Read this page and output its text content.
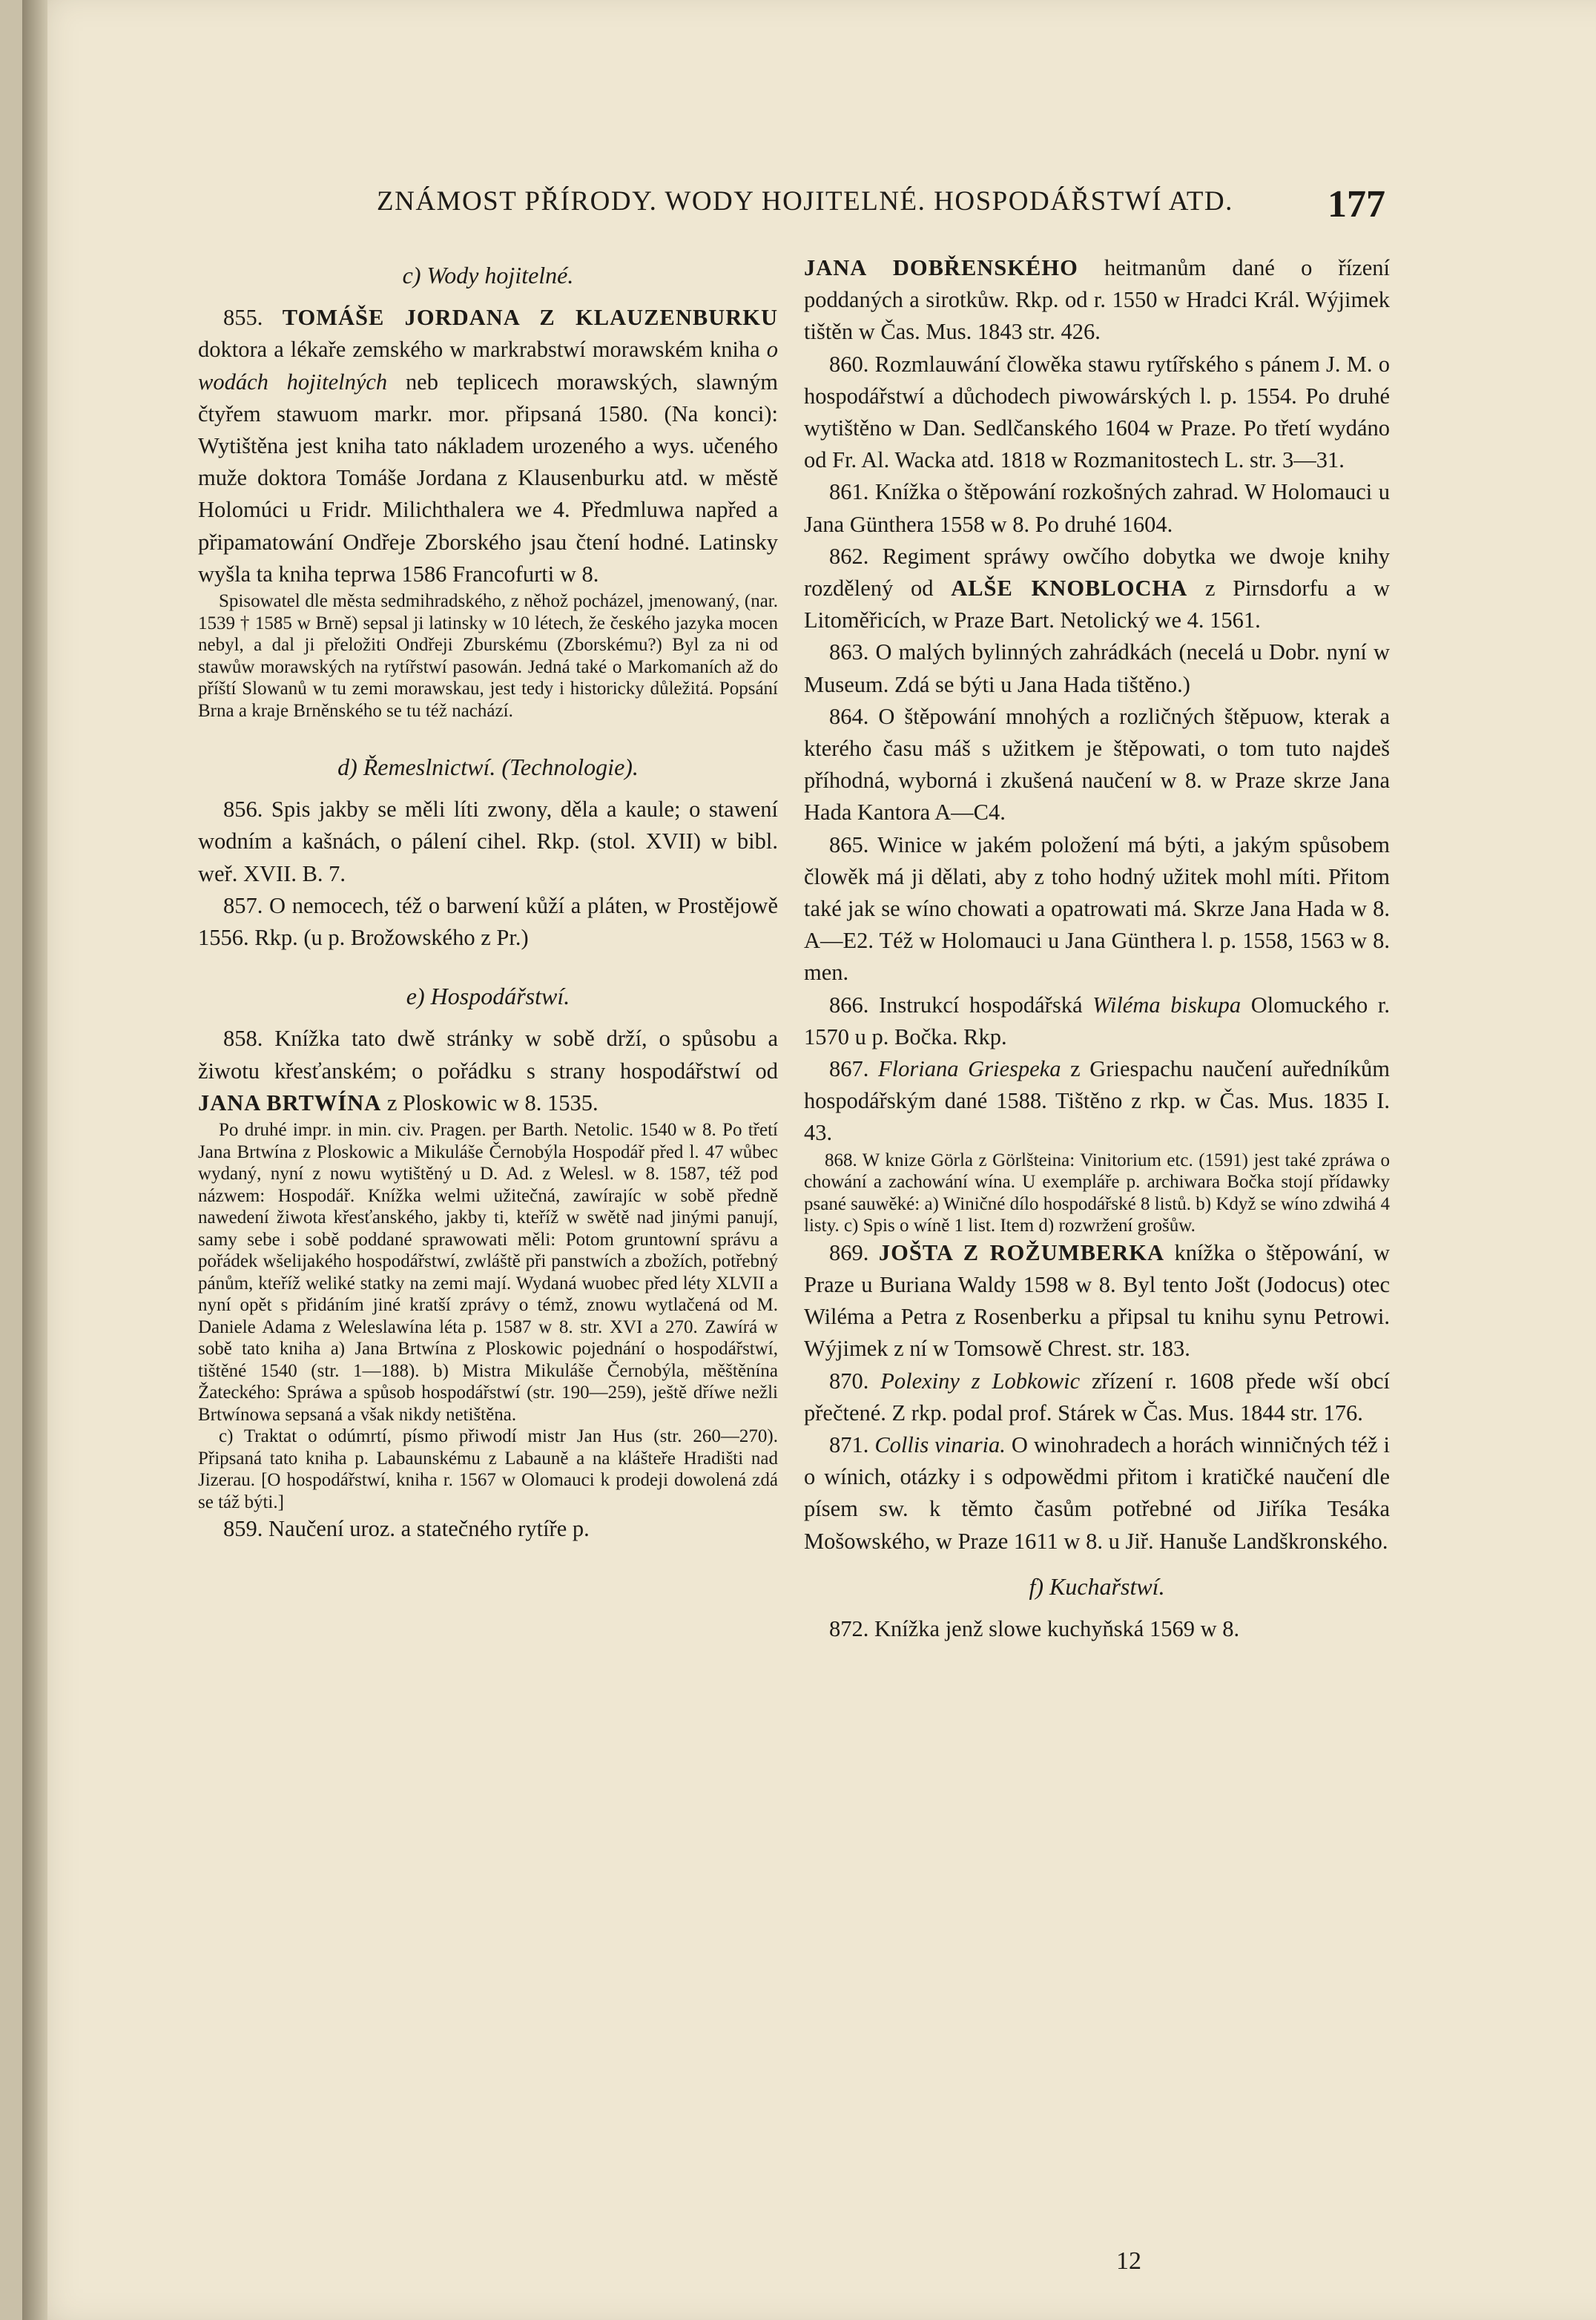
ZNÁMOST PŘÍRODY. WODY HOJITELNÉ. HOSPODÁŘSTWÍ ATD. 177
c) Wody hojitelné.

855. TOMÁŠE JORDANA Z KLAUZENBURKU doktora a lékaře zemského w markrabstwí morawském kniha o wodách hojitelných neb teplicech morawských, slawným čtyřem stawuom markr. mor. připsaná 1580. (Na konci): Wytištěna jest kniha tato nákladem urozeného a wys. učeného muže doktora Tomáše Jordana z Klausenburku atd. w městě Holomúci u Fridr. Milichthalera we 4. Předmluwa napřed a připamatowání Ondřeje Zborského jsau čtení hodné. Latinsky wyšla ta kniha teprwa 1586 Francofurti w 8.

Spisowatel dle města sedmihradského, z něhož pocházel, jmenowaný, (nar. 1539 † 1585 w Brně) sepsal ji latinsky w 10 létech, že českého jazyka mocen nebyl, a dal ji přeložiti Ondřeji Zburskému (Zborskému?) Byl za ni od stawůw morawských na rytířstwí pasowán. Jedná také o Markomaních až do příští Slowanů w tu zemi morawskau, jest tedy i historicky důležitá. Popsání Brna a kraje Brněnského se tu též nachází.

d) Řemeslnictwí. (Technologie).

856. Spis jakby se měli líti zwony, děla a kaule; o stawení wodním a kašnách, o pálení cihel. Rkp. (stol. XVII) w bibl. weř. XVII. B. 7.

857. O nemocech, též o barwení kůží a pláten, w Prostějowě 1556. Rkp. (u p. Brožowského z Pr.)

e) Hospodářstwí.

858. Knížka tato dwě stránky w sobě drží, o spůsobu a žiwotu křesťanském; o pořádku s strany hospodářstwí od JANA BRTWÍNA z Ploskowic w 8. 1535.

Po druhé impr. in min. civ. Pragen. per Barth. Netolic. 1540 w 8. Po třetí Jana Brtwína z Ploskowic a Mikuláše Černobýla Hospodář před l. 47 wůbec wydaný, nyní z nowu wytištěný u D. Ad. z Welesl. w 8. 1587, též pod názwem: Hospodář. Knížka welmi užitečná, zawírajíc w sobě předně nawedení žiwota křesťanského, jakby ti, kteříž w swětě nad jinými panují, samy sebe i sobě poddané sprawowati měli: Potom gruntowní správu a pořádek wšelijakého hospodářstwí, zwláště při panstwích a zbožích, potřebný pánům, kteříž weliké statky na zemi mají. Wydaná wuobec před léty XLVII a nyní opět s přidáním jiné kratší zprávy o témž, znowu wytlačená od M. Daniele Adama z Weleslawína léta p. 1587 w 8. str. XVI a 270. Zawírá w sobě tato kniha a) Jana Brtwína z Ploskowic pojednání o hospodářstwí, tištěné 1540 (str. 1—188). b) Mistra Mikuláše Černobýla, měštěnína Žateckého: Spráwa a spůsob hospodářstwí (str. 190—259), ještě dříwe nežli Brtwínowa sepsaná a však nikdy netištěna.

c) Traktat o odúmrtí, písmo přiwodí mistr Jan Hus (str. 260—270). Připsaná tato kniha p. Labaunskému z Labauně a na klášteře Hradišti nad Jizerau. [O hospodářstwí, kniha r. 1567 w Olomauci k prodeji dowolená zdá se táž býti.]

859. Naučení uroz. a statečného rytíře p.

JANA DOBŘENSKÉHO heitmanům dané o řízení poddaných a sirotkůw. Rkp. od r. 1550 w Hradci Král. Wýjimek tištěn w Čas. Mus. 1843 str. 426.

860. Rozmlauwání člowěka stawu rytířského s pánem J. M. o hospodářstwí a důchodech piwowárských l. p. 1554. Po druhé wytištěno w Dan. Sedlčanského 1604 w Praze. Po třetí wydáno od Fr. Al. Wacka atd. 1818 w Rozmanitostech L. str. 3—31.

861. Knížka o štěpowání rozkošných zahrad. W Holomauci u Jana Günthera 1558 w 8. Po druhé 1604.

862. Regiment spráwy owčího dobytka we dwoje knihy rozdělený od ALŠE KNOBLOCHA z Pirnsdorfu a w Litoměřicích, w Praze Bart. Netolický we 4. 1561.

863. O malých bylinných zahrádkách (necelá u Dobr. nyní w Museum. Zdá se býti u Jana Hada tištěno.)

864. O štěpowání mnohých a rozličných štěpuow, kterak a kterého času máš s užitkem je štěpowati, o tom tuto najdeš příhodná, wyborná i zkušená naučení w 8. w Praze skrze Jana Hada Kantora A—C4.

865. Winice w jakém položení má býti, a jakým spůsobem člowěk má ji dělati, aby z toho hodný užitek mohl míti. Přitom také jak se wíno chowati a opatrowati má. Skrze Jana Hada w 8. A—E2. Též w Holomauci u Jana Günthera l. p. 1558, 1563 w 8. men.

866. Instrukcí hospodářská Wiléma biskupa Olomuckého r. 1570 u p. Bočka. Rkp.

867. Floriana Griespeka z Griespachu naučení auředníkům hospodářským dané 1588. Tištěno z rkp. w Čas. Mus. 1835 I. 43.

868. W knize Görla z Görlšteina: Vinitorium etc. (1591) jest také zpráwa o chowání a zachowání wína. U exempláře p. archiwara Bočka stojí přídawky psané sauwěké: a) Winičné dílo hospodářské 8 listů. b) Když se wíno zdwihá 4 listy. c) Spis o wíně 1 list. Item d) rozwržení grošůw.

869. JOŠTA Z ROŽUMBERKA knížka o štěpowání, w Praze u Buriana Waldy 1598 w 8. Byl tento Jošt (Jodocus) otec Wiléma a Petra z Rosenberku a připsal tu knihu synu Petrowi. Wýjimek z ní w Tomsowě Chrest. str. 183.

870. Polexiny z Lobkowic zřízení r. 1608 přede wší obcí přečtené. Z rkp. podal prof. Stárek w Čas. Mus. 1844 str. 176.

871. Collis vinaria. O winohradech a horách winničných též i o wínich, otázky i s odpowědmi přitom i kratičké naučení dle písem sw. k těmto časům potřebné od Jiříka Tesáka Mošowského, w Praze 1611 w 8. u Jiř. Hanuše Landškronského.

f) Kuchařstwí.

872. Knížka jenž slowe kuchyňská 1569 w 8.

12
